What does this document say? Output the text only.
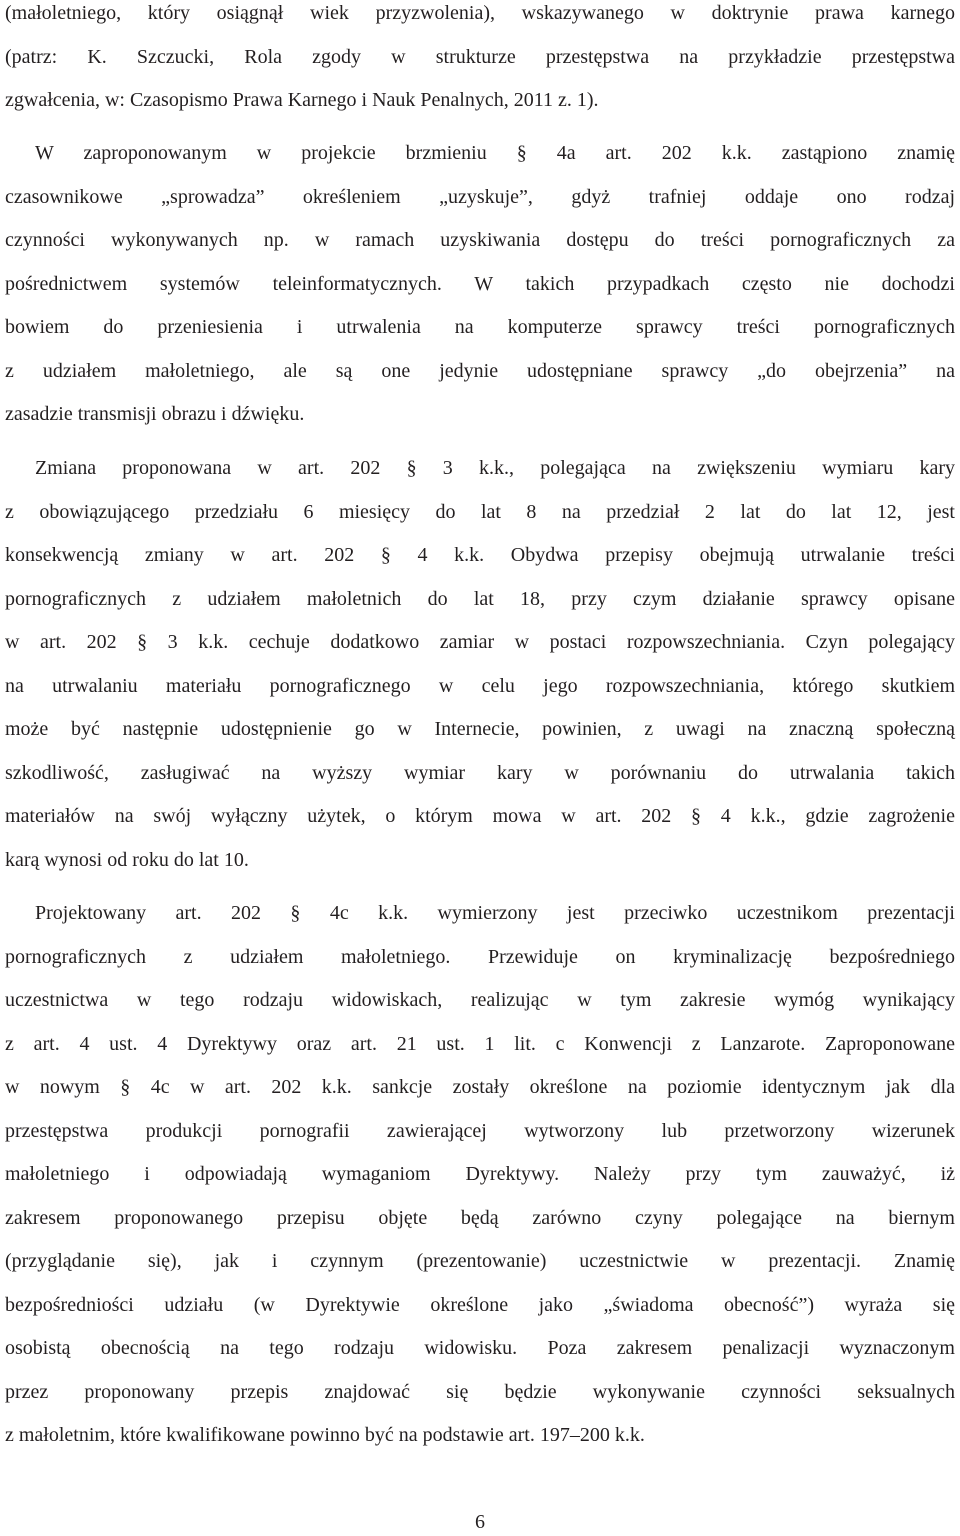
(małoletniego, który osiągnął wiek przyzwolenia), wskazywanego w doktrynie prawa karnego
(patrz: K. Szczucki, Rola zgody w strukturze przestępstwa na przykładzie przestępstwa
zgwałcenia, w: Czasopismo Prawa Karnego i Nauk Penalnych, 2011 z. 1).
W zaproponowanym w projekcie brzmieniu § 4a art. 202 k.k. zastąpiono znamię
czasownikowe „sprowadza” określeniem „uzyskuje”, gdyż trafniej oddaje ono rodzaj
czynności wykonywanych np. w ramach uzyskiwania dostępu do treści pornograficznych za
pośrednictwem systemów teleinformatycznych. W takich przypadkach często nie dochodzi
bowiem do przeniesienia i utrwalenia na komputerze sprawcy treści pornograficznych
z udziałem małoletniego, ale są one jedynie udostępniane sprawcy „do obejrzenia” na
zasadzie transmisji obrazu i dźwięku.
Zmiana proponowana w art. 202 § 3 k.k., polegająca na zwiększeniu wymiaru kary
z obowiązującego przedziału 6 miesięcy do lat 8 na przedział 2 lat do lat 12, jest
konsekwencją zmiany w art. 202 § 4 k.k. Obydwa przepisy obejmują utrwalanie treści
pornograficznych z udziałem małoletnich do lat 18, przy czym działanie sprawcy opisane
w art. 202 § 3 k.k. cechuje dodatkowo zamiar w postaci rozpowszechniania. Czyn polegający
na utrwalaniu materiału pornograficznego w celu jego rozpowszechniania, którego skutkiem
może być następnie udostępnienie go w Internecie, powinien, z uwagi na znaczną społeczną
szkodliwość, zasługiwać na wyższy wymiar kary w porównaniu do utrwalania takich
materiałów na swój wyłączny użytek, o którym mowa w art. 202 § 4 k.k., gdzie zagrożenie
karą wynosi od roku do lat 10.
Projektowany art. 202 § 4c k.k. wymierzony jest przeciwko uczestnikom prezentacji
pornograficznych z udziałem małoletniego. Przewiduje on kryminalizację bezpośredniego
uczestnictwa w tego rodzaju widowiskach, realizując w tym zakresie wymóg wynikający
z art. 4 ust. 4 Dyrektywy oraz art. 21 ust. 1 lit. c Konwencji z Lanzarote. Zaproponowane
w nowym § 4c w art. 202 k.k. sankcje zostały określone na poziomie identycznym jak dla
przestępstwa produkcji pornografii zawierającej wytworzony lub przetworzony wizerunek
małoletniego i odpowiadają wymaganiom Dyrektywy. Należy przy tym zauważyć, iż
zakresem proponowanego przepisu objęte będą zarówno czyny polegające na biernym
(przyglądanie się), jak i czynnym (prezentowanie) uczestnictwie w prezentacji. Znamię
bezpośredniości udziału (w Dyrektywie określone jako „świadoma obecność”) wyraża się
osobistą obecnością na tego rodzaju widowisku. Poza zakresem penalizacji wyznaczonym
przez proponowany przepis znajdować się będzie wykonywanie czynności seksualnych
z małoletnim, które kwalifikowane powinno być na podstawie art. 197–200 k.k.
6
